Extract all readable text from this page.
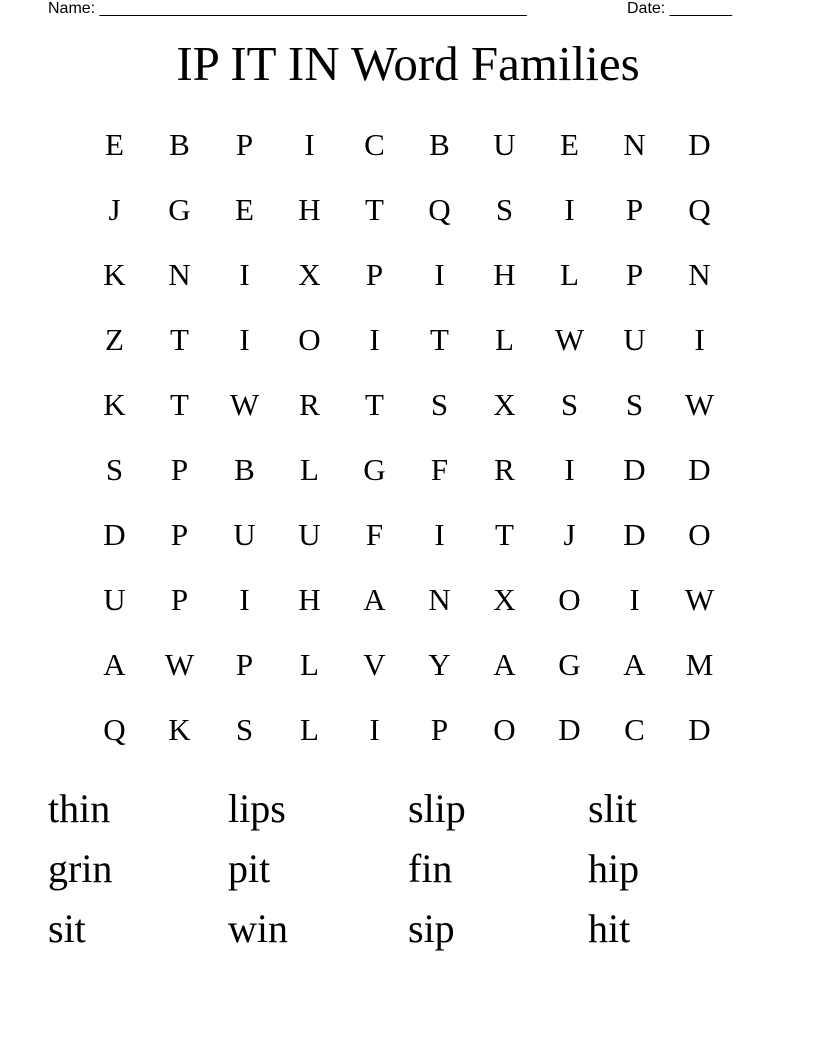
Name: ________________________________________________	Date: _______
IP IT IN Word Families
E	B	P	I	C	B	U	E	N	D
J	G	E	H	T	Q	S	I	P	Q
K	N	I	X	P	I	H	L	P	N
Z	T	I	O	I	T	L	W	U	I
K	T	W	R	T	S	X	S	S	W
S	P	B	L	G	F	R	I	D	D
D	P	U	U	F	I	T	J	D	O
U	P	I	H	A	N	X	O	I	W
A	W	P	L	V	Y	A	G	A	M
Q	K	S	L	I	P	O	D	C	D
thin	lips	slip	slit
grin	pit	fin	hip
sit	win	sip	hit
